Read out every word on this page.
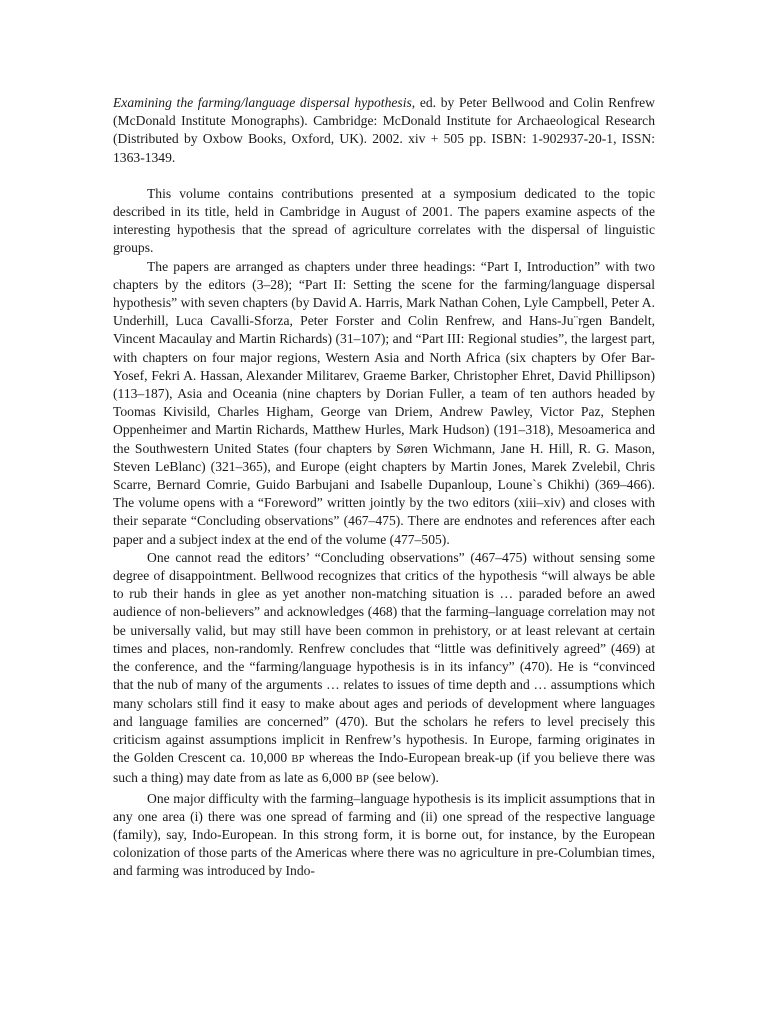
Examining the farming/language dispersal hypothesis, ed. by Peter Bellwood and Colin Renfrew (McDonald Institute Monographs). Cambridge: McDonald Institute for Archaeological Research (Distributed by Oxbow Books, Oxford, UK). 2002. xiv + 505 pp. ISBN: 1-902937-20-1, ISSN: 1363-1349.

This volume contains contributions presented at a symposium dedicated to the topic described in its title, held in Cambridge in August of 2001. The papers examine aspects of the interesting hypothesis that the spread of agriculture correlates with the dispersal of linguistic groups.

The papers are arranged as chapters under three headings: “Part I, Introduction” with two chapters by the editors (3–28); “Part II: Setting the scene for the farming/language dispersal hypothesis” with seven chapters (by David A. Harris, Mark Nathan Cohen, Lyle Campbell, Peter A. Underhill, Luca Cavalli-Sforza, Peter Forster and Colin Renfrew, and Hans-Ju¨rgen Bandelt, Vincent Macaulay and Martin Richards) (31–107); and “Part III: Regional studies”, the largest part, with chapters on four major regions, Western Asia and North Africa (six chapters by Ofer Bar-Yosef, Fekri A. Hassan, Alexander Militarev, Graeme Barker, Christopher Ehret, David Phillipson) (113–187), Asia and Oceania (nine chapters by Dorian Fuller, a team of ten authors headed by Toomas Kivisild, Charles Higham, George van Driem, Andrew Pawley, Victor Paz, Stephen Oppenheimer and Martin Richards, Matthew Hurles, Mark Hudson) (191–318), Mesoamerica and the Southwestern United States (four chapters by Søren Wichmann, Jane H. Hill, R. G. Mason, Steven LeBlanc) (321–365), and Europe (eight chapters by Martin Jones, Marek Zvelebil, Chris Scarre, Bernard Comrie, Guido Barbujani and Isabelle Dupanloup, Loune`s Chikhi) (369–466). The volume opens with a “Foreword” written jointly by the two editors (xiii–xiv) and closes with their separate “Concluding observations” (467–475). There are endnotes and references after each paper and a subject index at the end of the volume (477–505).

One cannot read the editors’ “Concluding observations” (467–475) without sensing some degree of disappointment. Bellwood recognizes that critics of the hypothesis “will always be able to rub their hands in glee as yet another non-matching situation is … paraded before an awed audience of non-believers” and acknowledges (468) that the farming–language correlation may not be universally valid, but may still have been common in prehistory, or at least relevant at certain times and places, non-randomly. Renfrew concludes that “little was definitively agreed” (469) at the conference, and the “farming/language hypothesis is in its infancy” (470). He is “convinced that the nub of many of the arguments … relates to issues of time depth and … assumptions which many scholars still find it easy to make about ages and periods of development where languages and language families are concerned” (470). But the scholars he refers to level precisely this criticism against assumptions implicit in Renfrew’s hypothesis. In Europe, farming originates in the Golden Crescent ca. 10,000 BP whereas the Indo-European break-up (if you believe there was such a thing) may date from as late as 6,000 BP (see below).

One major difficulty with the farming–language hypothesis is its implicit assumptions that in any one area (i) there was one spread of farming and (ii) one spread of the respective language (family), say, Indo-European. In this strong form, it is borne out, for instance, by the European colonization of those parts of the Americas where there was no agriculture in pre-Columbian times, and farming was introduced by Indo-
